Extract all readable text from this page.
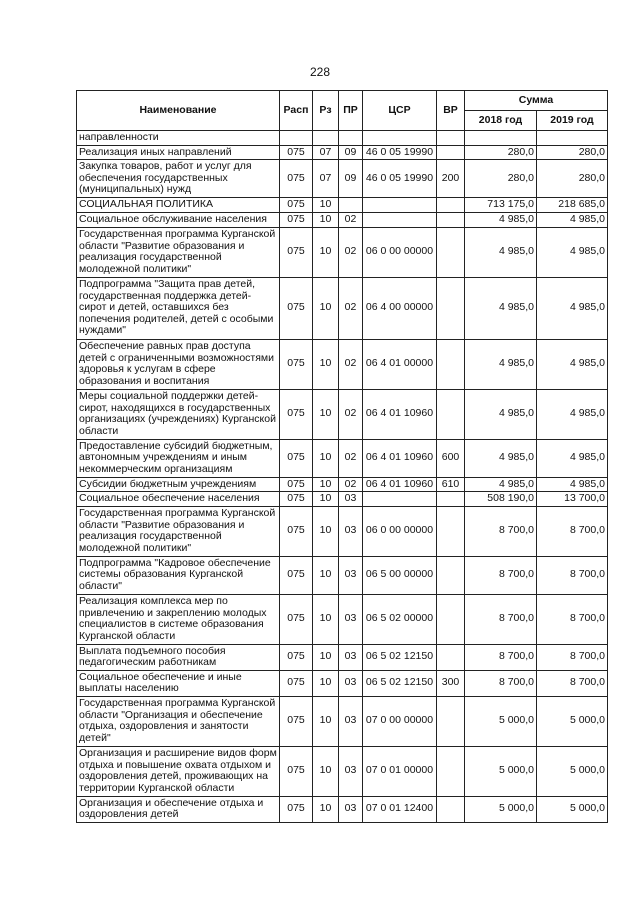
228
Наименование	Расп	Рз	ПР	ЦСР	ВР	Сумма	
						2018 год	2019 год
направленности							
Реализация иных направлений	075	07	09	46 0 05 19990		280,0	280,0
Закупка товаров, работ и услуг для обеспечения государственных (муниципальных) нужд	075	07	09	46 0 05 19990	200	280,0	280,0
СОЦИАЛЬНАЯ ПОЛИТИКА	075	10				713 175,0	218 685,0
Социальное обслуживание населения	075	10	02			4 985,0	4 985,0
Государственная программа Курганской области "Развитие образования и реализация государственной молодежной политики"	075	10	02	06 0 00 00000		4 985,0	4 985,0
Подпрограмма "Защита прав детей, государственная поддержка детей-сирот и детей, оставшихся без попечения родителей, детей с особыми нуждами"	075	10	02	06 4 00 00000		4 985,0	4 985,0
Обеспечение равных прав доступа детей с ограниченными возможностями здоровья к услугам в сфере образования и воспитания	075	10	02	06 4 01 00000		4 985,0	4 985,0
Меры социальной поддержки детей-сирот, находящихся в государственных организациях (учреждениях) Курганской области	075	10	02	06 4 01 10960		4 985,0	4 985,0
Предоставление субсидий бюджетным, автономным учреждениям и иным некоммерческим организациям	075	10	02	06 4 01 10960	600	4 985,0	4 985,0
Субсидии бюджетным учреждениям	075	10	02	06 4 01 10960	610	4 985,0	4 985,0
Социальное обеспечение населения	075	10	03			508 190,0	13 700,0
Государственная программа Курганской области "Развитие образования и реализация государственной молодежной политики"	075	10	03	06 0 00 00000		8 700,0	8 700,0
Подпрограмма "Кадровое обеспечение системы образования Курганской области"	075	10	03	06 5 00 00000		8 700,0	8 700,0
Реализация комплекса мер по привлечению и закреплению молодых специалистов в системе образования Курганской области	075	10	03	06 5 02 00000		8 700,0	8 700,0
Выплата подъемного пособия педагогическим работникам	075	10	03	06 5 02 12150		8 700,0	8 700,0
Социальное обеспечение и иные выплаты населению	075	10	03	06 5 02 12150	300	8 700,0	8 700,0
Государственная программа Курганской области "Организация и обеспечение отдыха, оздоровления и занятости детей"	075	10	03	07 0 00 00000		5 000,0	5 000,0
Организация и расширение видов форм отдыха и повышение охвата отдыхом и оздоровления детей, проживающих на территории Курганской области	075	10	03	07 0 01 00000		5 000,0	5 000,0
Организация и обеспечение отдыха и оздоровления детей	075	10	03	07 0 01 12400		5 000,0	5 000,0
